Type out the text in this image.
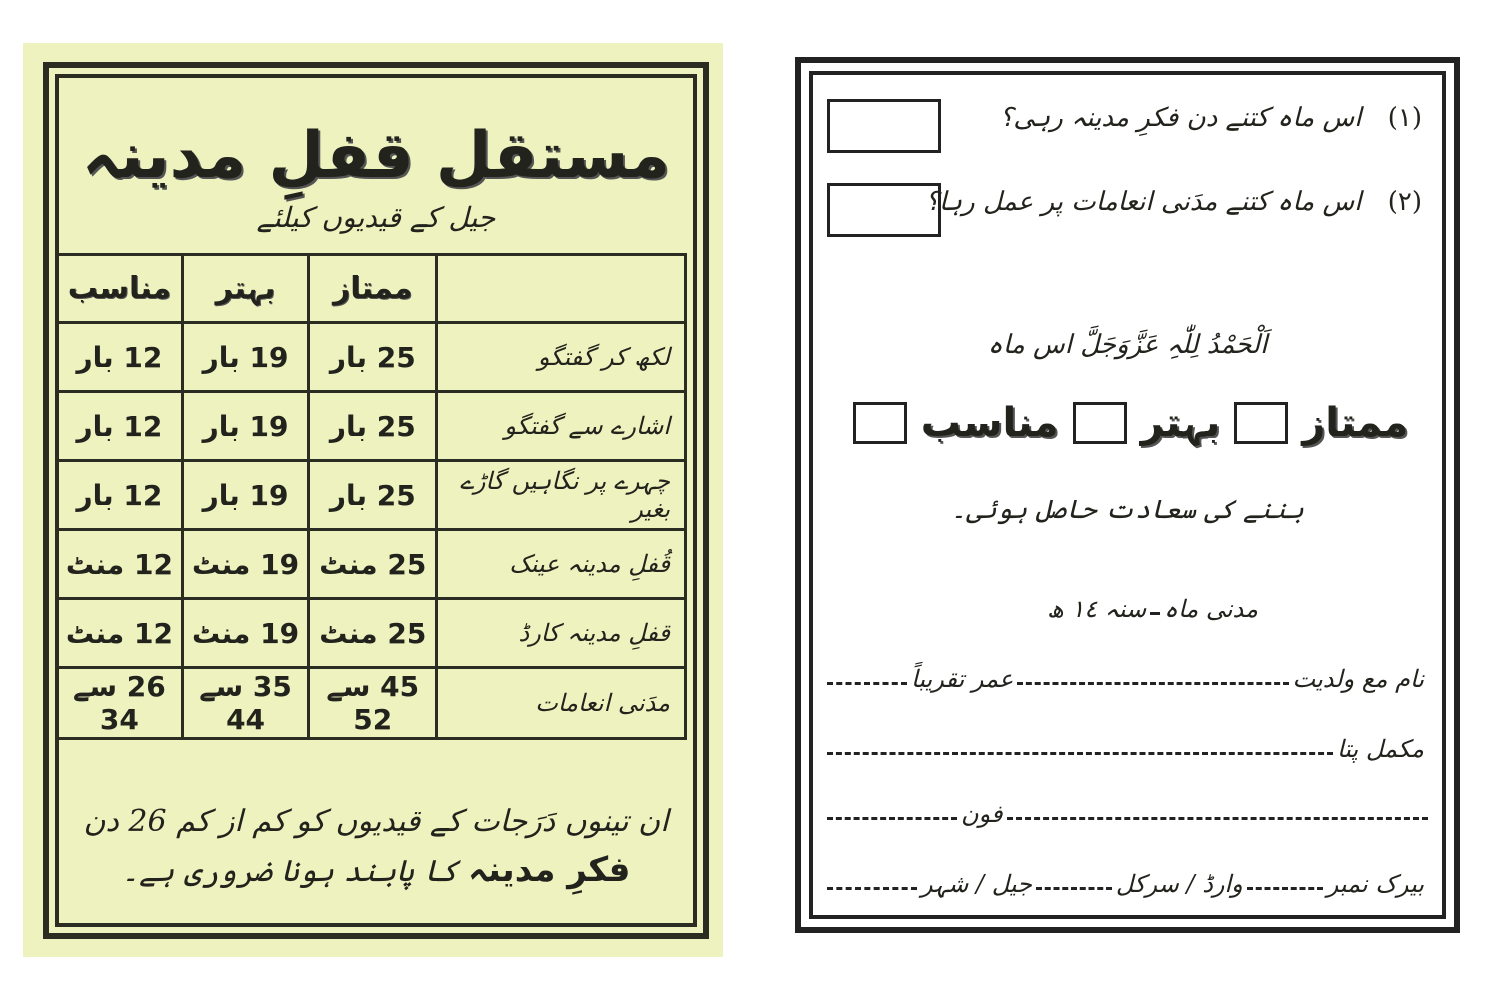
مستقل قفلِ مدینہ
جیل کے قیدیوں کیلئے
	ممتاز	بہتر	مناسب
لکھ کر گفتگو	25 بار	19 بار	12 بار
اشارے سے گفتگو	25 بار	19 بار	12 بار
چہرے پر نگاہیں گاڑے بغیر	25 بار	19 بار	12 بار
قُفلِ مدینہ عینک	25 منٹ	19 منٹ	12 منٹ
قفلِ مدینہ کارڈ	25 منٹ	19 منٹ	12 منٹ
مدَنی انعامات	45 سے 52	35 سے 44	26 سے 34
ان تینوں دَرَجات کے قیدیوں کو کم از کم 26 دن
فکرِ مدینہ کا پابند ہونا ضروری ہے۔
(١) اس ماہ کتنے دن فکرِ مدینہ رہی؟
(٢) اس ماہ کتنے مدَنی انعامات پر عمل رہا؟
اَلْحَمْدُ لِلّٰہِ عَزَّوَجَلَّ اس ماہ
ممتاز
بہتر
مناسب
بننے کی سعادت حاصل ہوئی۔
مدنی ماہ
سنہ ١٤ ھ
نام مع ولدیت
عمر تقریباً
مکمل پتا
فون
بیرک نمبر
وارڈ / سرکل
جیل / شہر
